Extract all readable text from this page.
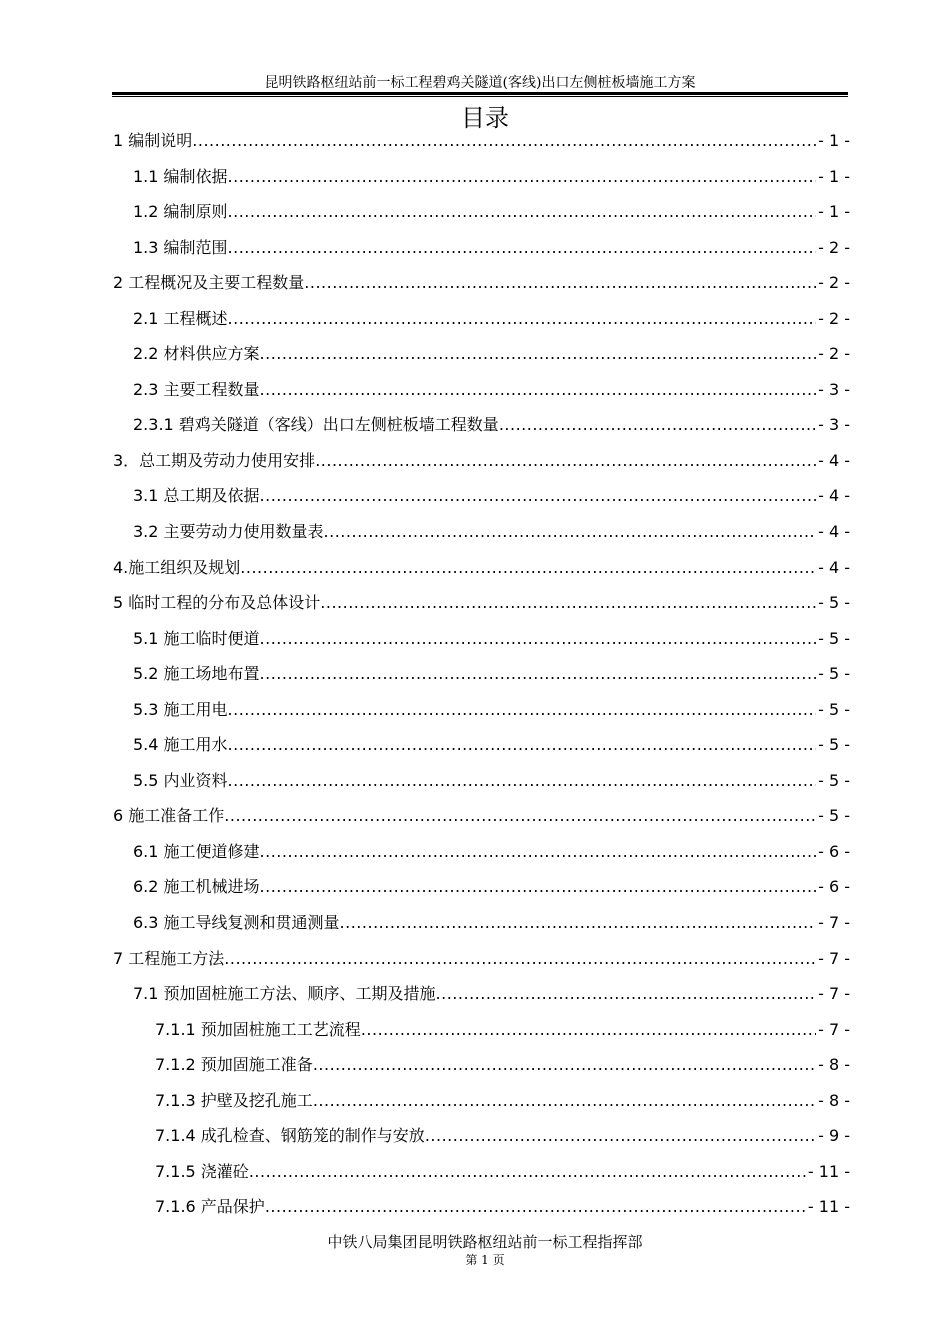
昆明铁路枢纽站前一标工程碧鸡关隧道(客线)出口左侧桩板墙施工方案
目录
1 编制说明 .....	- 1 -
1.1 编制依据 .....	- 1 -
1.2 编制原则 .....	- 1 -
1.3 编制范围 .....	- 2 -
2 工程概况及主要工程数量 .....	- 2 -
2.1 工程概述 .....	- 2 -
2.2 材料供应方案 .....	- 2 -
2.3 主要工程数量 .....	- 3 -
2.3.1 碧鸡关隧道（客线）出口左侧桩板墙工程数量 .....	- 3 -
3．总工期及劳动力使用安排 .....	- 4 -
3.1 总工期及依据 .....	- 4 -
3.2 主要劳动力使用数量表 .....	- 4 -
4.施工组织及规划 .....	- 4 -
5 临时工程的分布及总体设计 .....	- 5 -
5.1 施工临时便道 .....	- 5 -
5.2 施工场地布置 .....	- 5 -
5.3 施工用电 .....	- 5 -
5.4 施工用水 .....	- 5 -
5.5 内业资料 .....	- 5 -
6 施工准备工作 .....	- 5 -
6.1 施工便道修建 .....	- 6 -
6.2 施工机械进场 .....	- 6 -
6.3 施工导线复测和贯通测量 .....	- 7 -
7 工程施工方法 .....	- 7 -
7.1 预加固桩施工方法、顺序、工期及措施 .....	- 7 -
7.1.1 预加固桩施工工艺流程 .....	- 7 -
7.1.2 预加固施工准备 .....	- 8 -
7.1.3 护壁及挖孔施工 .....	- 8 -
7.1.4 成孔检查、钢筋笼的制作与安放 .....	- 9 -
7.1.5 浇灌砼 .....	- 11 -
7.1.6 产品保护 .....	- 11 -
中铁八局集团昆明铁路枢纽站前一标工程指挥部
第 1 页
